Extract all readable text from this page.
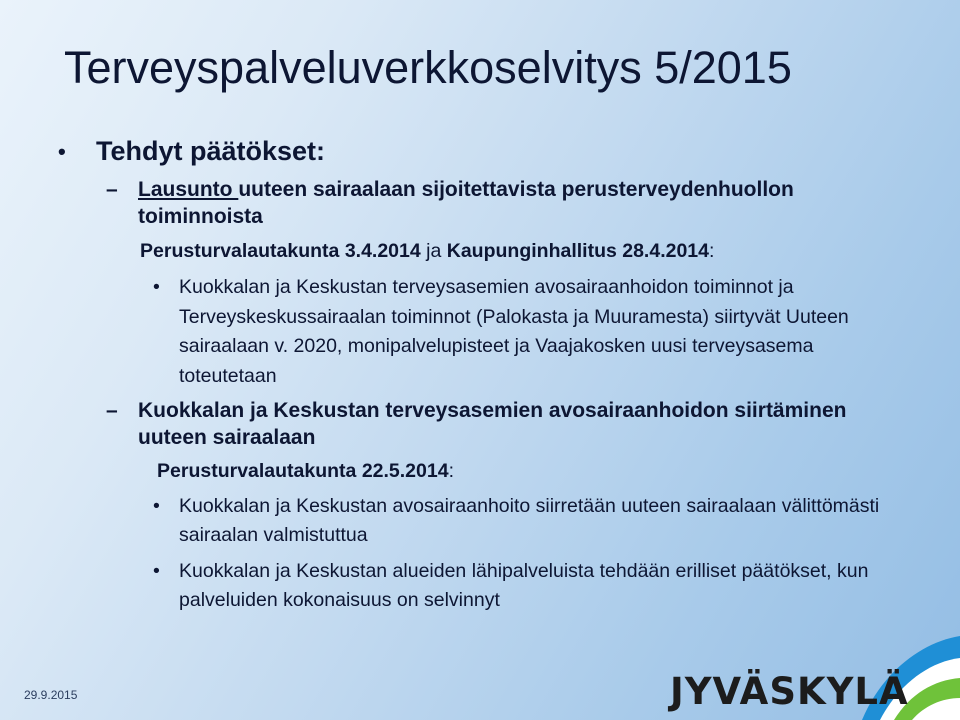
Terveyspalveluverkkoselvitys 5/2015
•	Tehdyt päätökset:
– Lausunto uuteen sairaalaan sijoitettavista perusterveydenhuollon toiminnoista
Perusturvalautakunta 3.4.2014 ja Kaupunginhallitus 28.4.2014:
• Kuokkalan ja Keskustan terveysasemien avosairaanhoidon toiminnot ja Terveyskeskussairaalan toiminnot (Palokasta ja Muuramesta) siirtyvät Uuteen sairaalaan v. 2020, monipalvelupisteet ja Vaajakosken uusi terveysasema toteutetaan
– Kuokkalan ja Keskustan terveysasemien avosairaanhoidon siirtäminen uuteen sairaalaan
Perusturvalautakunta 22.5.2014:
• Kuokkalan ja Keskustan avosairaanhoito siirretään uuteen sairaalaan välittömästi sairaalan valmistuttua
• Kuokkalan ja Keskustan alueiden lähipalveluista tehdään erilliset päätökset, kun palveluiden kokonaisuus on selvinnyt
29.9.2015	JYVÄSKYLÄ
